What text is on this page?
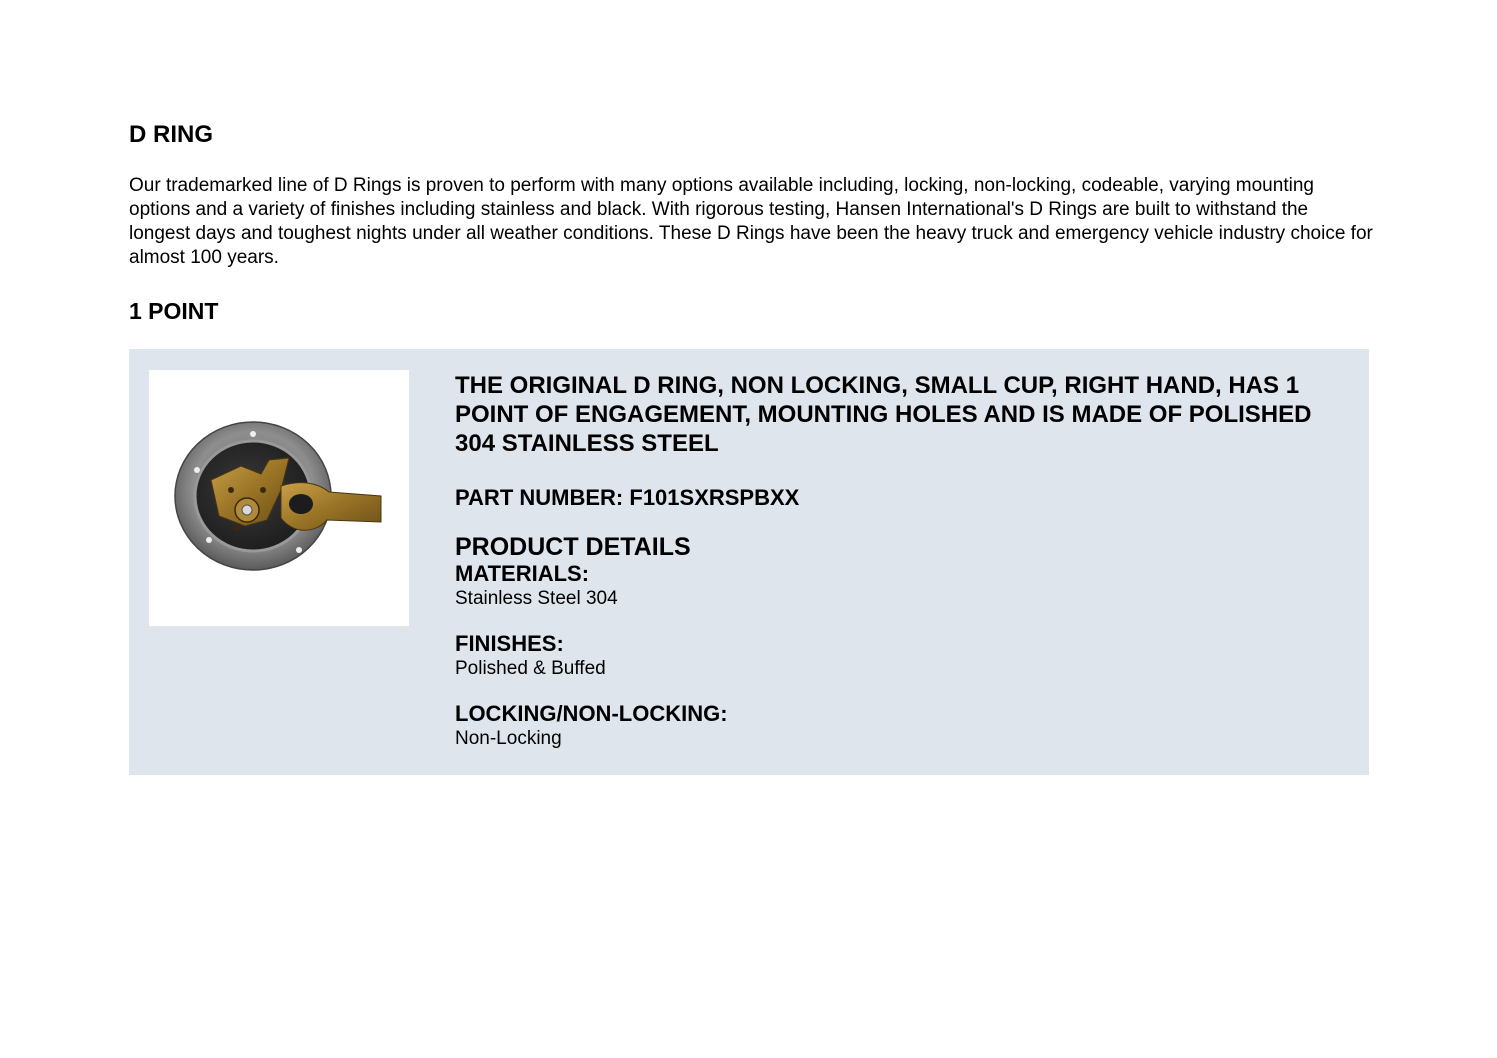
D RING

Our trademarked line of D Rings is proven to perform with many options available including, locking, non-locking, codeable, varying mounting options and a variety of finishes including stainless and black. With rigorous testing, Hansen International's D Rings are built to withstand the longest days and toughest nights under all weather conditions. These D Rings have been the heavy truck and emergency vehicle industry choice for almost 100 years.

1 POINT
THE ORIGINAL D RING, NON LOCKING, SMALL CUP, RIGHT HAND, HAS 1 POINT OF ENGAGEMENT, MOUNTING HOLES AND IS MADE OF POLISHED 304 STAINLESS STEEL

PART NUMBER: F101SXRSPBXX

PRODUCT DETAILS
MATERIALS:
Stainless Steel 304
FINISHES:
Polished & Buffed
LOCKING/NON-LOCKING:
Non-Locking
